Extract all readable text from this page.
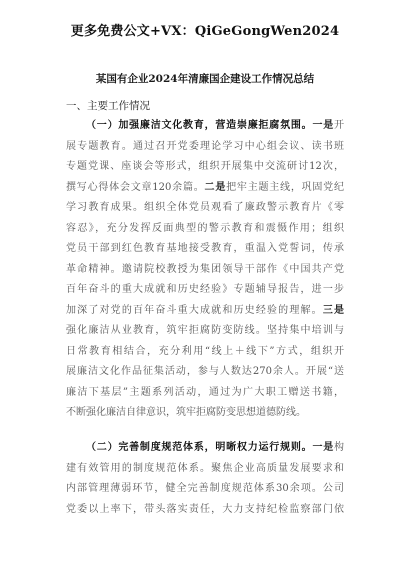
更多免费公文+VX：QiGeGongWen2024
某国有企业2024年清廉国企建设工作情况总结
一、主要工作情况
（一）加强廉洁文化教育，营造崇廉拒腐氛围。一是开
展专题教育。通过召开党委理论学习中心组会议、读书班
专题党课、座谈会等形式，组织开展集中交流研讨12次，
撰写心得体会文章120余篇。二是把牢主题主线，巩固党纪
学习教育成果。组织全体党员观看了廉政警示教育片《零
容忍》，充分发挥反面典型的警示教育和震慑作用；组织
党员干部到红色教育基地接受教育，重温入党誓词，传承
革命精神。邀请院校教授为集团领导干部作《中国共产党
百年奋斗的重大成就和历史经验》专题辅导报告，进一步
加深了对党的百年奋斗重大成就和历史经验的理解。三是
强化廉洁从业教育，筑牢拒腐防变防线。坚持集中培训与
日常教育相结合，充分利用“线上＋线下”方式，组织开
展廉洁文化作品征集活动，参与人数达270余人。开展“送
廉洁下基层”主题系列活动，通过为广大职工赠送书籍，
不断强化廉洁自律意识，筑牢拒腐防变思想道德防线。
（二）完善制度规范体系，明晰权力运行规则。一是构
建有效管用的制度规范体系。聚焦企业高质量发展要求和
内部管理薄弱环节，健全完善制度规范体系30余项。公司
党委以上率下，带头落实责任，大力支持纪检监察部门依
